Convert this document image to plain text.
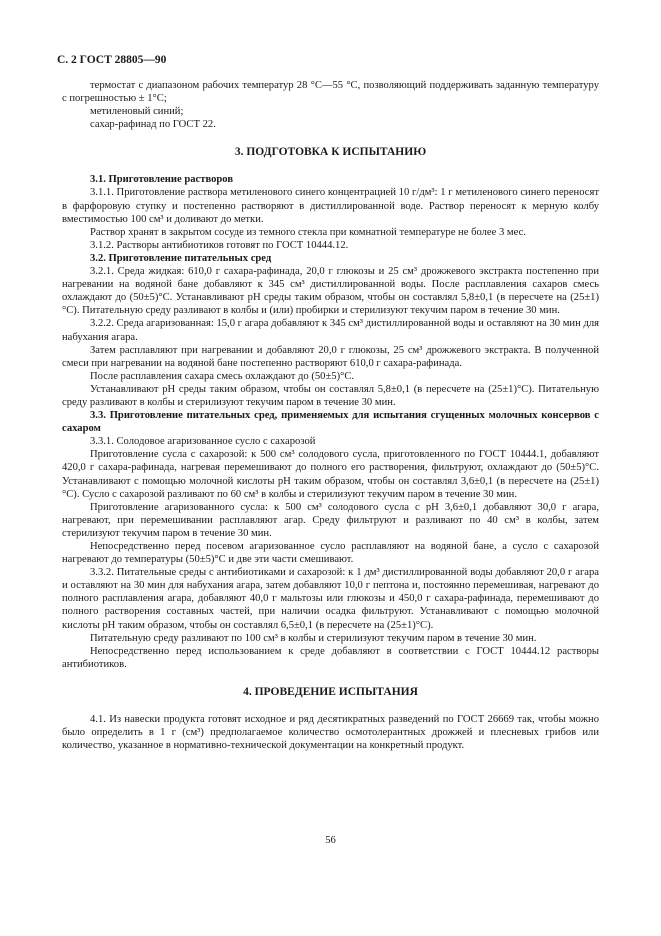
С. 2 ГОСТ 28805—90

термостат с диапазоном рабочих температур 28 °С—55 °С, позволяющий поддерживать заданную температуру с погрешностью ± 1°С;

метиленовый синий;

сахар-рафинад по ГОСТ 22.

3. ПОДГОТОВКА К ИСПЫТАНИЮ

3.1. Приготовление растворов

3.1.1. Приготовление раствора метиленового синего концентрацией 10 г/дм³: 1 г метиленового синего переносят в фарфоровую ступку и постепенно растворяют в дистиллированной воде. Раствор переносят к мерную колбу вместимостью 100 см³ и доливают до метки.

Раствор хранят в закрытом сосуде из темного стекла при комнатной температуре не более 3 мес.

3.1.2. Растворы антибиотиков готовят по ГОСТ 10444.12.

3.2. Приготовление питательных сред

3.2.1. Среда жидкая: 610,0 г сахара-рафинада, 20,0 г глюкозы и 25 см³ дрожжевого экстракта постепенно при нагревании на водяной бане добавляют к 345 см³ дистиллированной воды. После расплавления сахаров смесь охлаждают до (50±5)°С. Устанавливают рН среды таким образом, чтобы он составлял 5,8±0,1 (в пересчете на (25±1)°С). Питательную среду разливают в колбы и (или) пробирки и стерилизуют текучим паром в течение 30 мин.

3.2.2. Среда агаризованная: 15,0 г агара добавляют к 345 см³ дистиллированной воды и оставляют на 30 мин для набухания агара.

Затем расплавляют при нагревании и добавляют 20,0 г глюкозы, 25 см³ дрожжевого экстракта. В полученной смеси при нагревании на водяной бане постепенно растворяют 610,0 г сахара-рафинада.

После расплавления сахара смесь охлаждают до (50±5)°С.

Устанавливают рН среды таким образом, чтобы он составлял 5,8±0,1 (в пересчете на (25±1)°С). Питательную среду разливают в колбы и стерилизуют текучим паром в течение 30 мин.

3.3. Приготовление питательных сред, применяемых для испытания сгущенных молочных консервов с сахаром

3.3.1. Солодовое агаризованное сусло с сахарозой

Приготовление сусла с сахарозой: к 500 см³ солодового сусла, приготовленного по ГОСТ 10444.1, добавляют 420,0 г сахара-рафинада, нагревая перемешивают до полного его растворения, фильтруют, охлаждают до (50±5)°С. Устанавливают с помощью молочной кислоты рН таким образом, чтобы он составлял 3,6±0,1 (в пересчете на (25±1)°С). Сусло с сахарозой разливают по 60 см³ в колбы и стерилизуют текучим паром в течение 30 мин.

Приготовление агаризованного сусла: к 500 см³ солодового сусла с рН 3,6±0,1 добавляют 30,0 г агара, нагревают, при перемешивании расплавляют агар. Среду фильтруют и разливают по 40 см³ в колбы, затем стерилизуют текучим паром в течение 30 мин.

Непосредственно перед посевом агаризованное сусло расплавляют на водяной бане, а сусло с сахарозой нагревают до температуры (50±5)°С и две эти части смешивают.

3.3.2. Питательные среды с антибиотиками и сахарозой: к 1 дм³ дистиллированной воды добавляют 20,0 г агара и оставляют на 30 мин для набухания агара, затем добавляют 10,0 г пептона и, постоянно перемешивая, нагревают до полного расплавления агара, добавляют 40,0 г мальтозы или глюкозы и 450,0 г сахара-рафинада, перемешивают до полного растворения составных частей, при наличии осадка фильтруют. Устанавливают с помощью молочной кислоты рН таким образом, чтобы он составлял 6,5±0,1 (в пересчете на (25±1)°С).

Питательную среду разливают по 100 см³ в колбы и стерилизуют текучим паром в течение 30 мин.

Непосредственно перед использованием к среде добавляют в соответствии с ГОСТ 10444.12 растворы антибиотиков.

4. ПРОВЕДЕНИЕ ИСПЫТАНИЯ

4.1. Из навески продукта готовят исходное и ряд десятикратных разведений по ГОСТ 26669 так, чтобы можно было определить в 1 г (см³) предполагаемое количество осмотолерантных дрожжей и плесневых грибов или количество, указанное в нормативно-технической документации на конкретный продукт.

56
